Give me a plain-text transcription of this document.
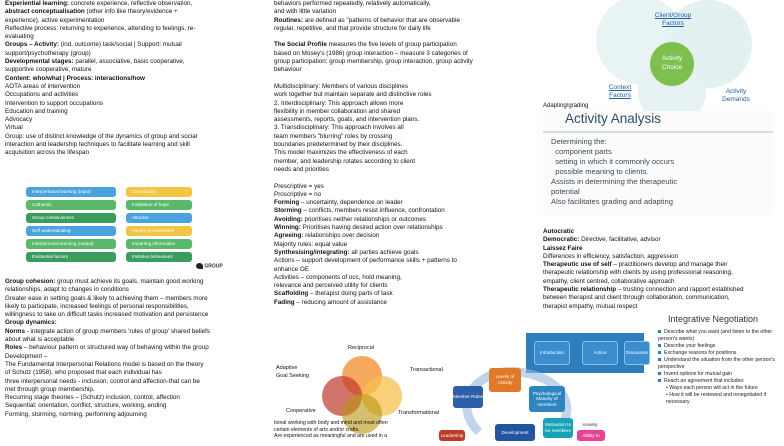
Experiential learning: concrete experience, reflective observation,
abstract conceptualisation (other info like theory/evidence +
experience), active experimentation
Reflective process: returning to experience, attending to feelings, re-
evaluating
Groups – Activity: (ind. outcome) task/social | Support: mutual
support/psychotherapy (group)
Developmental stages: parallel, associative, basic cooperative,
supportive cooperative, mature
Content: who/what | Process: interactions/how
AOTA areas of intervention
Occupations and activities
Intervention to support occupations
Education and training
Advocacy
Virtual
Group: use of distinct knowledge of the dynamics of group and social
interaction and leadership techniques to facilitate learning and skill
acquisition across the lifespan
Group cohesion: group must achieve its goals, maintain good working
relationships, adapt to changes in conditions
Greater ease in setting goals & likely to achieving them – members more
likely to participate, increased feelings of personal responsibilities,
willingness to take on difficult tasks increased motivation and persistence
Group dynamics:
Norms - integrate action of group members 'rules of group' shared beliefs
about what is acceptable
Roles – behaviour pattern or structured way of behaving within the group
Development –
The Fundamental Interpersonal Relations model is based on the theory
of Schutz (1958), who proposed that each individual has
three interpersonal needs - inclusion, control and affection-that can be
met through group membership.
Recurring stage theories – (Schutz) inclusion, control, affection
Sequential: orientation, conflict, structure, working, ending
Forming, storming, norming, performing adjourning
Interpersonal learning (input)
Catharsis
Group cohesiveness
Self-understanding
Interpersonal learning (output)
Existential factors
Universality
Instillation of hope
Altruism
Family re-enactment
Imparting information
Imitative behaviours
GROUP
behaviors performed repeatedly, relatively automatically,
and with little variation
Routines: are defined as "patterns of behavior that are observable
regular, repetitive, and that provide structure for daily life
The Social Profile measures the five levels of group participation
based on Mosey's (1986) group interaction – measure 3 categories of
group participation: group membership, group interaction, group activity
behaviour
Multidisciplinary: Members of various disciplines
work together but maintain separate and distinctive roles
2. Interdisciplinary: This approach allows more
flexibility in member collaboration and shared
assessments, reports, goals, and intervention plans.
3. Transdisciplinary: This approach involves all
team members "blurring" roles by crossing
boundaries predetermined by their disciplines.
This model maximizes the effectiveness of each
member, and leadership rotates according to client
needs and priorities
Prescriptive = yes
Proscriptive = no
Forming – uncertainty, dependence on leader
Storming – conflicts, members resist influence, confrontation
Avoiding: prioritises neither relationships or outcomes
Winning: Prioritises having desired action over relationships
Agreeing: relationships over decision
Majority rules: equal value
Synthesising/integrating: all parties achieve goals
Actions – support development of performance skills + patterns to
enhance OE
Activities – components of occ, hold meaning,
relevance and perceived utility for clients
Scaffolding – therapist doing parts of task
Fading – reducing amount of assistance
Reciprocal
Adaptive
Goal Seeking
Transactional
Cooperative	Transformational
tional working with body and mind and most often
certain elements of arts and/or crafts.
Are experienced as meaningful and are used in a
Client/Group Factors
Activity Choice
Context Factors
Activity Demands
Adapting/grading
Activity Analysis
Determining the:
component parts
setting in which it commonly occurs
possible meaning to clients.
Assists in determining the therapeutic
potential
Also facilitates grading and adapting
Autocratic
Democratic: Directive, facilitative, advisor
Laissez Faire
Differences in efficiency, satisfaction, aggression
Therapeutic use of self – practitioners develop and manage their
therapeutic relationship with clients by using professional reasoning,
empathy, client centred, collaborative approach
Therapeutic relationship – trusting connection and rapport established
between therapist and client through collaboration, communication,
therapist empathy, mutual respect
Integrative Negotiation
Introduction	Action	Discussion
Describe what you want (and listen to the other person's wants)
Describe your feelings
Exchange reasons for positions
Understand the situation from the other person's perspective
Invent options for mutual gain
Reach an agreement that includes:
• Ways each person will act in the future
• How it will be reviewed and renegotiated if necessary
Levels of Activity
Member Roles
Psychological Maturity of members
Development
Leadership
Motivation to be members
Ability to
Anxiety
